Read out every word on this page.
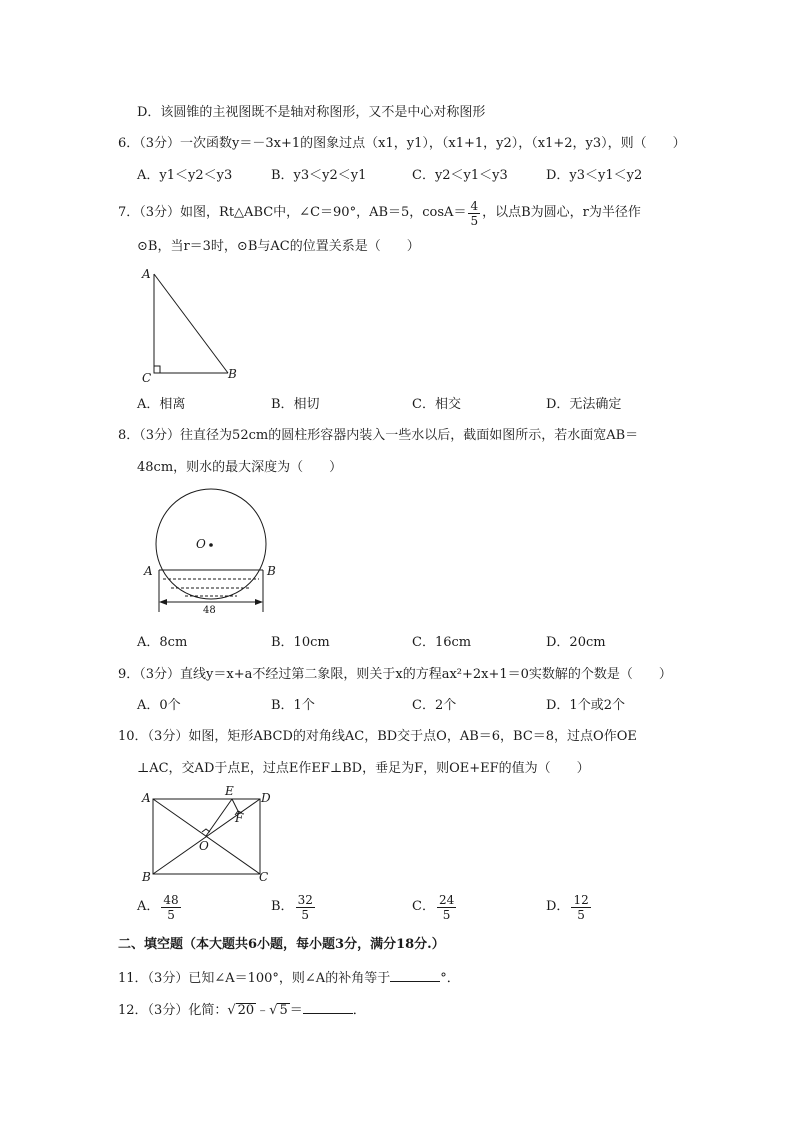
D．该圆锥的主视图既不是轴对称图形，又不是中心对称图形
6．（3分）一次函数y＝－3x+1的图象过点（x1，y1），（x1+1，y2），（x1+2，y3），则（　　）
A．y1＜y2＜y3	B．y3＜y2＜y1	C．y2＜y1＜y3	D．y3＜y1＜y2
7．（3分）如图，Rt△ABC中，∠C＝90°，AB＝5，$\cos A= \frac{4}{5}$ ，以点B为圆心，r为半径作
⊙B，当r＝3时，⊙B与AC的位置关系是（　　）
A
C	B
A．相离	B．相切	C．相交	D．无法确定
8．（3分）往直径为52cm的圆柱形容器内装入一些水以后，截面如图所示，若水面宽AB＝
48cm，则水的最大深度为（　　）
O
A	B
48
A．8cm	B．10cm	C．16cm	D．20cm
9．（3分）直线y＝x+a不经过第二象限，则关于x的方程ax²+2x+1＝0实数解的个数是（　　）
A．0个	B．1个	C．2个	D．1个或2个
10．（3分）如图，矩形ABCD的对角线AC，BD交于点O，AB＝6，BC＝8，过点O作OE
⊥AC，交AD于点E，过点E作EF⊥BD，垂足为F，则OE+EF的值为（　　）
A
B	C
D
E
F
O
A． $\frac{48}{5}$	B． $\frac{32}{5}$	C． $\frac{24}{5}$	D． $\frac{12}{5}$
二、填空题（本大题共6小题，每小题3分，满分18分.）
11．（3分）已知∠A＝100°，则∠A的补角等于	°．
12．（3分）化简：√ 20 ﹣√ 5 ＝	．
